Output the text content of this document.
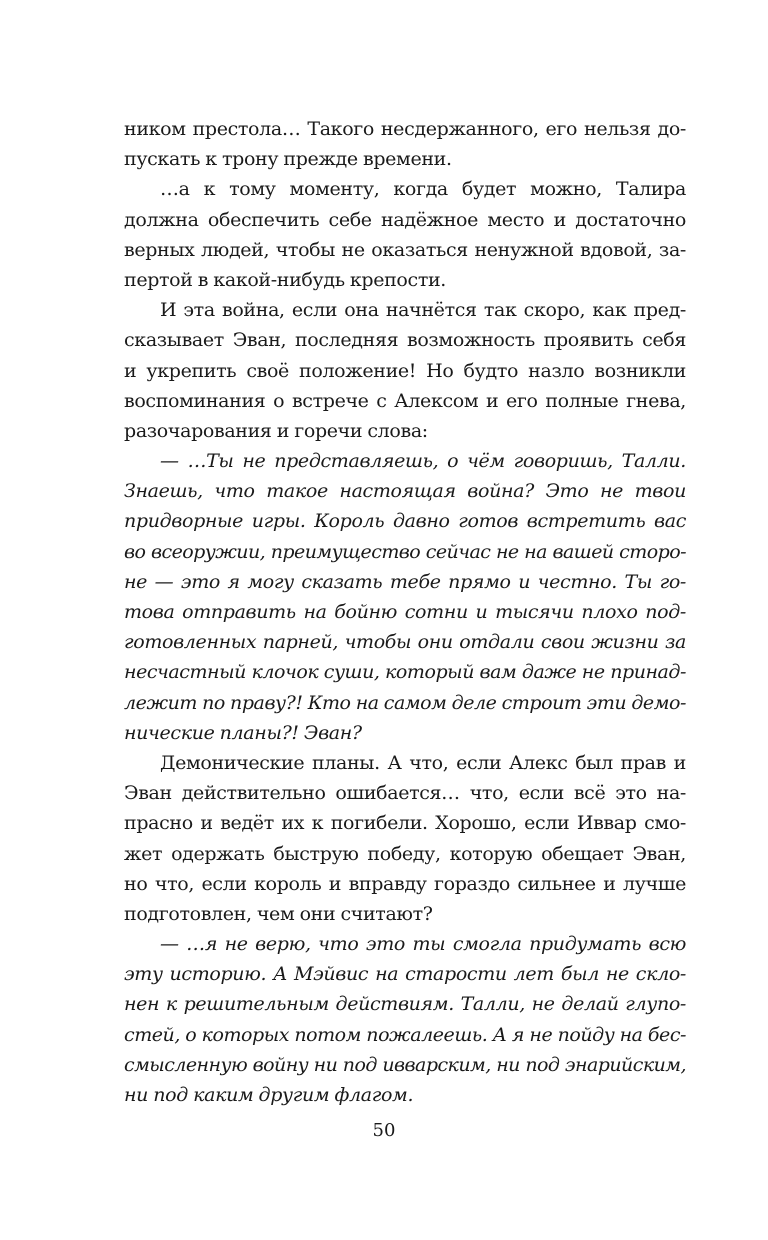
ником престола… Такого несдержанного, его нельзя до-
пускать к трону прежде времени.
…а к тому моменту, когда будет можно, Талира
должна обеспечить себе надёжное место и достаточно
верных людей, чтобы не оказаться ненужной вдовой, за-
пертой в какой-нибудь крепости.
И эта война, если она начнётся так скоро, как пред-
сказывает Эван, последняя возможность проявить себя
и укрепить своё положение! Но будто назло возникли
воспоминания о встрече с Алексом и его полные гнева,
разочарования и горечи слова:
— …Ты не представляешь, о чём говоришь, Талли.
Знаешь, что такое настоящая война? Это не твои
придворные игры. Король давно готов встретить вас
во всеоружии, преимущество сейчас не на вашей сторо-
не — это я могу сказать тебе прямо и честно. Ты го-
това отправить на бойню сотни и тысячи плохо под-
готовленных парней, чтобы они отдали свои жизни за
несчастный клочок суши, который вам даже не принад-
лежит по праву?! Кто на самом деле строит эти демо-
нические планы?! Эван?
Демонические планы. А что, если Алекс был прав и
Эван действительно ошибается… что, если всё это на-
прасно и ведёт их к погибели. Хорошо, если Иввар смо-
жет одержать быструю победу, которую обещает Эван,
но что, если король и вправду гораздо сильнее и лучше
подготовлен, чем они считают?
— …я не верю, что это ты смогла придумать всю
эту историю. А Мэйвис на старости лет был не скло-
нен к решительным действиям. Талли, не делай глупо-
стей, о которых потом пожалеешь. А я не пойду на бес-
смысленную войну ни под ивварским, ни под энарийским,
ни под каким другим флагом.
50
